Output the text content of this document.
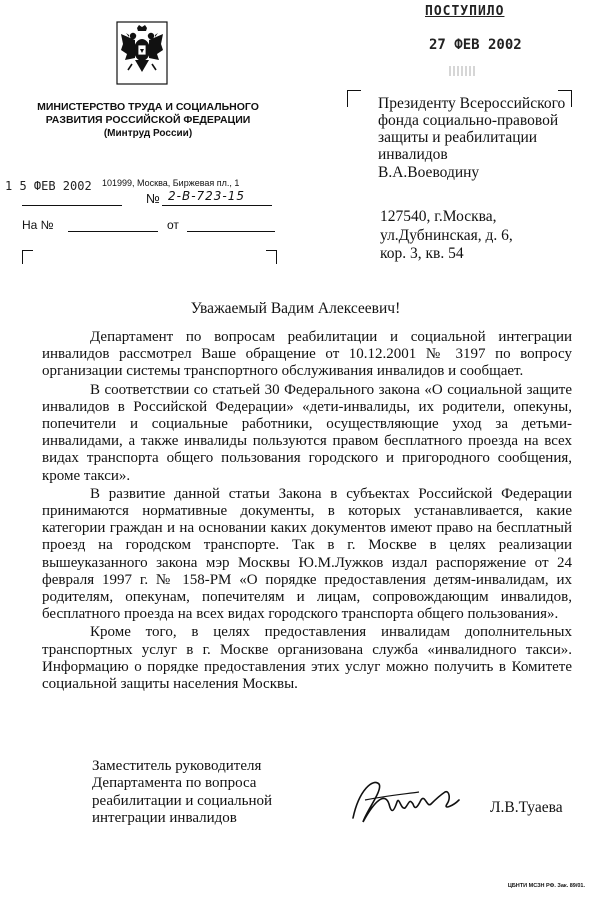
МИНИСТЕРСТВО ТРУДА И СОЦИАЛЬНОГО
РАЗВИТИЯ РОССИЙСКОЙ ФЕДЕРАЦИИ
(Минтруд России)
1 5 ФЕВ 2002 101999, Москва, Биржевая пл., 1
№ 2-В-723-15
На №	от
ПОСТУПИЛО
27 ФЕВ 2002
Президенту Всероссийского
фонда социально-правовой
защиты и реабилитации
инвалидов
В.А.Воеводину
127540, г.Москва,
ул.Дубнинская, д. 6,
кор. 3, кв. 54
Уважаемый Вадим Алексеевич!

Департамент по вопросам реабилитации и социальной интеграции инвалидов рассмотрел Ваше обращение от 10.12.2001 № 3197 по вопросу организации системы транспортного обслуживания инвалидов и сообщает.

В соответствии со статьей 30 Федерального закона «О социальной защите инвалидов в Российской Федерации» «дети-инвалиды, их родители, опекуны, попечители и социальные работники, осуществляющие уход за детьми-инвалидами, а также инвалиды пользуются правом бесплатного проезда на всех видах транспорта общего пользования городского и пригородного сообщения, кроме такси».

В развитие данной статьи Закона в субъектах Российской Федерации принимаются нормативные документы, в которых устанавливается, какие категории граждан и на основании каких документов имеют право на бесплатный проезд на городском транспорте. Так в г. Москве в целях реализации вышеуказанного закона мэр Москвы Ю.М.Лужков издал распоряжение от 24 февраля 1997 г. № 158-РМ «О порядке предоставления детям-инвалидам, их родителям, опекунам, попечителям и лицам, сопровождающим инвалидов, бесплатного проезда на всех видах городского транспорта общего пользования».

Кроме того, в целях предоставления инвалидам дополнительных транспортных услуг в г. Москве организована служба «инвалидного такси». Информацию о порядке предоставления этих услуг можно получить в Комитете социальной защиты населения Москвы.

Заместитель руководителя
Департамента по вопроса
реабилитации и социальной
интеграции инвалидов
Л.В.Туаева
ЦБНТИ МСЗН РФ. Зак. 89/01.
